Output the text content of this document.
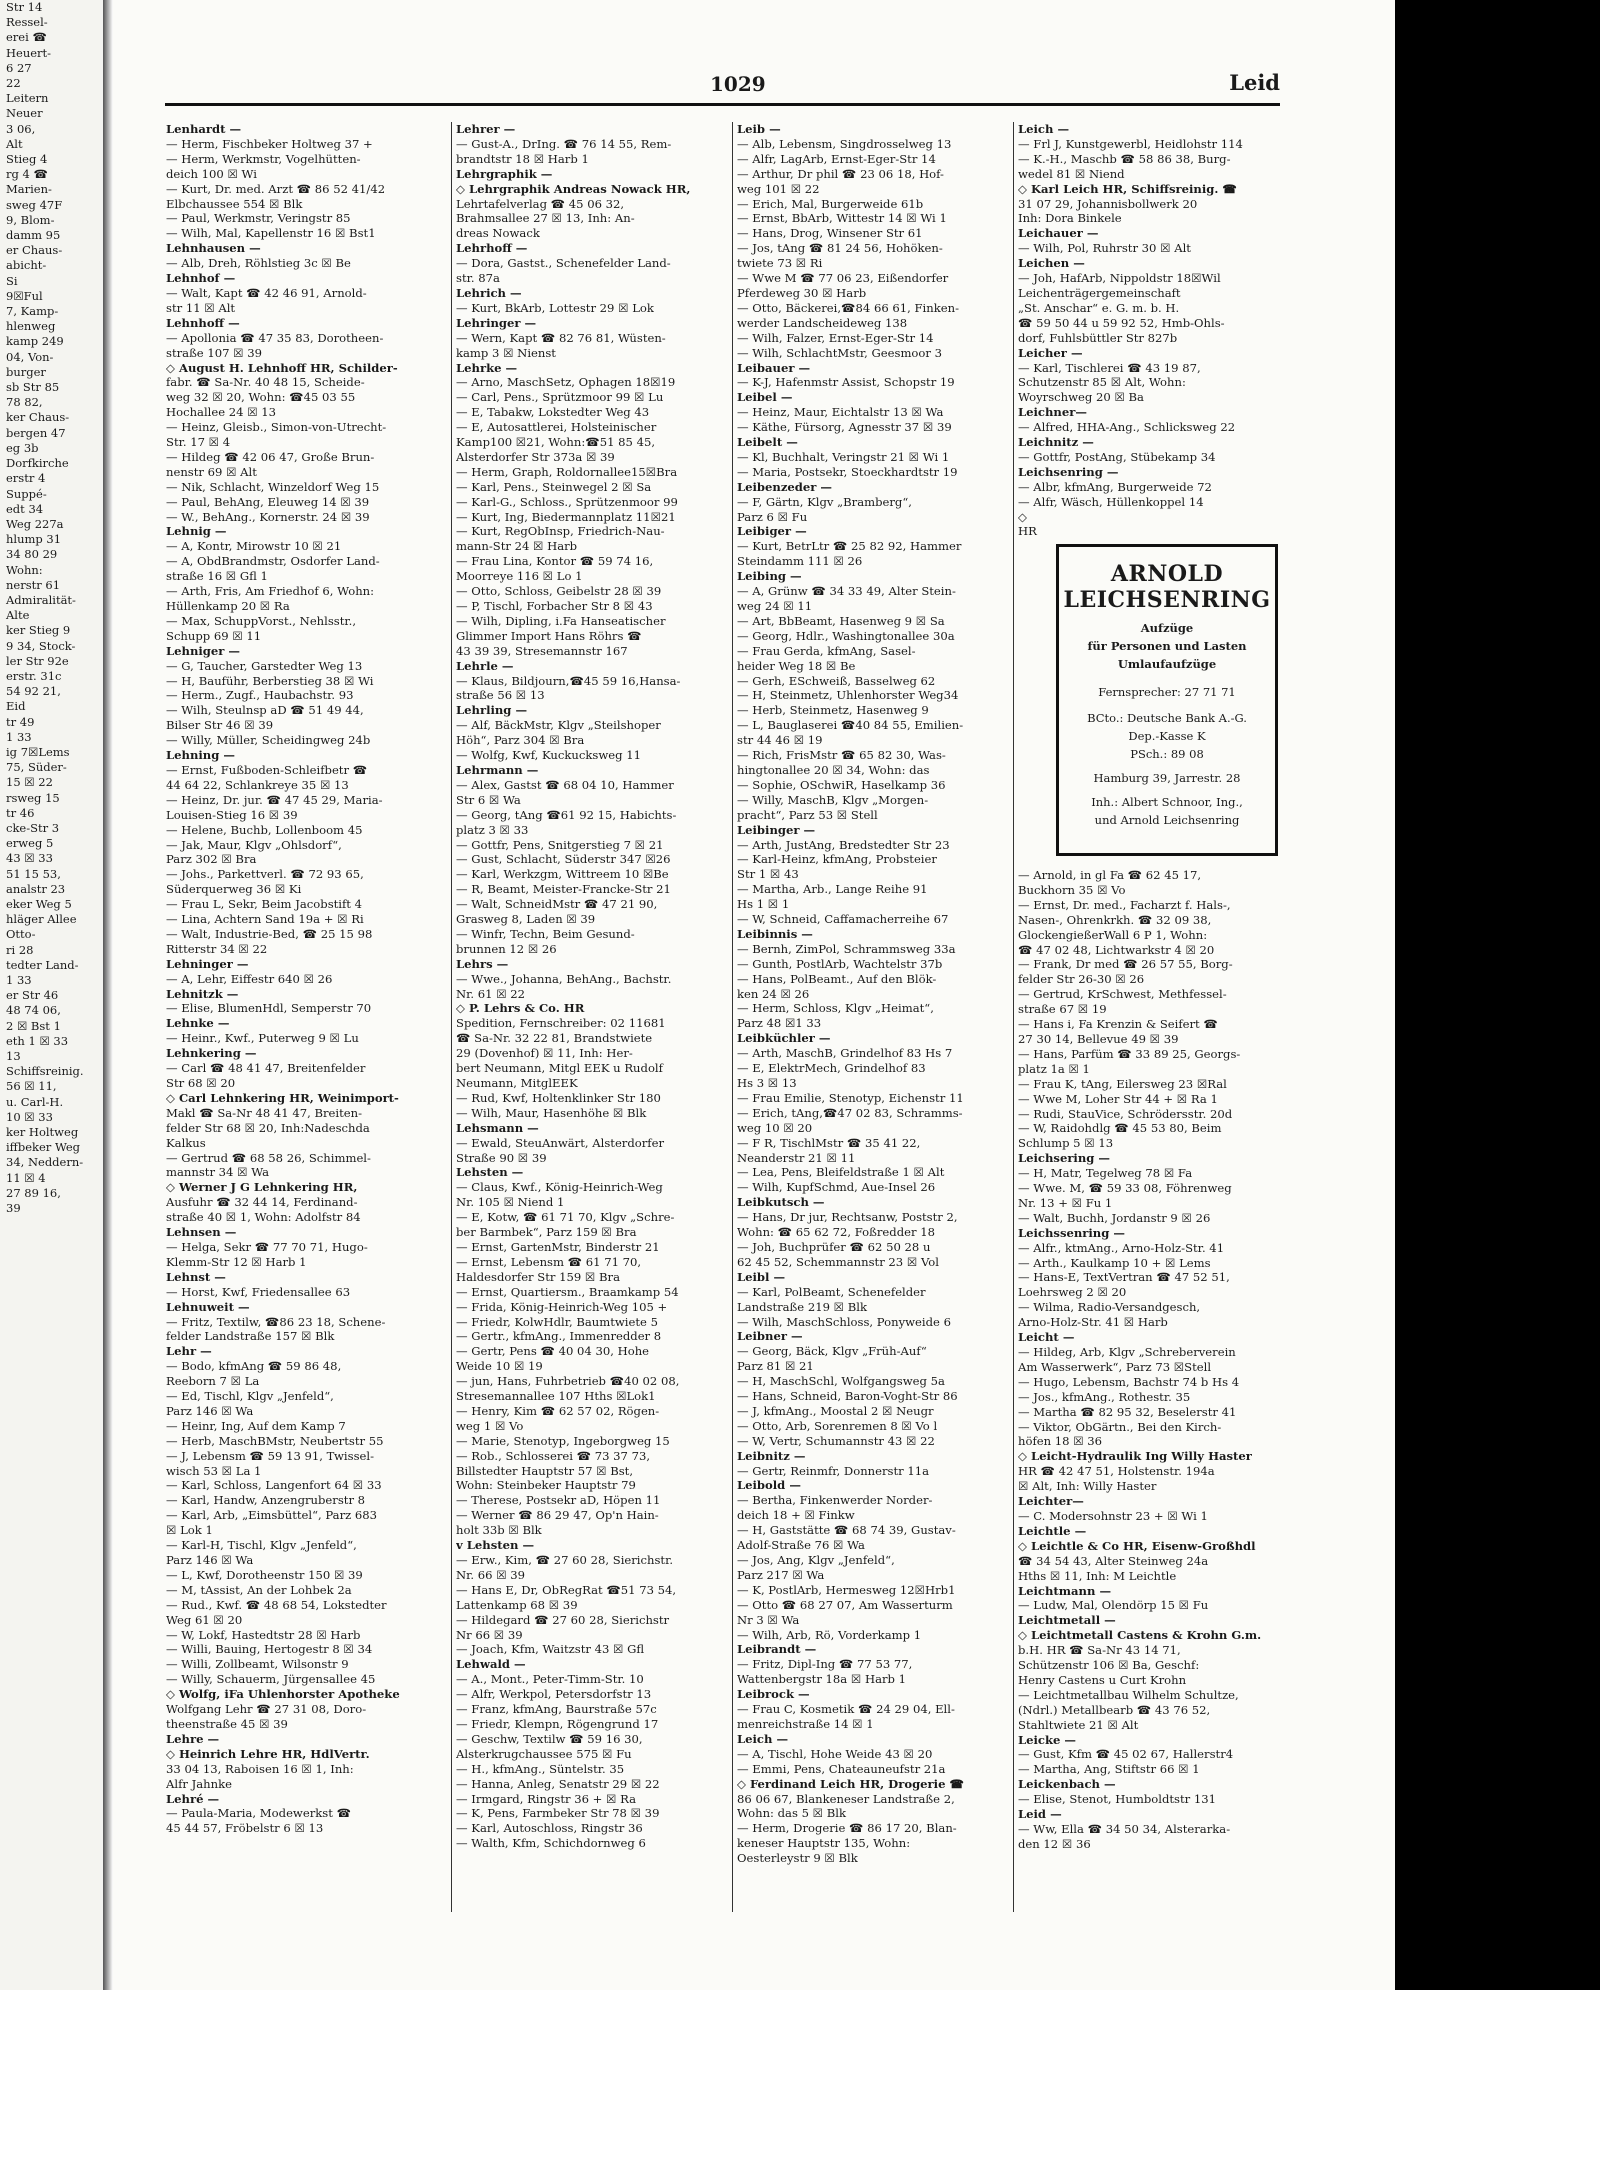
Str 14
Ressel-
erei ☎
Heuert-
6 27
22
Leitern
Neuer
3 06,
Alt
Stieg 4
rg 4 ☎
Marien-
sweg 47F
9, Blom-
damm 95
er Chaus-
abicht-
Si
9☒Ful
7, Kamp-
hlenweg
kamp 249
04, Von-
burger
sb Str 85
78 82,
ker Chaus-
bergen 47
eg 3b
Dorfkirche
erstr 4
Suppé-
edt 34
Weg 227a
hlump 31
34 80 29
Wohn:
nerstr 61
Admiralität-
Alte
ker Stieg 9
9 34, Stock-
ler Str 92e
erstr. 31c
54 92 21,
Eid
tr 49
1 33
ig 7☒Lems
75, Süder-
15 ☒ 22
rsweg 15
tr 46
cke-Str 3
erweg 5
43 ☒ 33
51 15 53,
analstr 23
eker Weg 5
hläger Allee
Otto-
ri 28
tedter Land-
1 33
er Str 46
48 74 06,
2 ☒ Bst 1
eth 1 ☒ 33
13
Schiffsreinig.
56 ☒ 11,
u. Carl-H.
10 ☒ 33
ker Holtweg
iffbeker Weg
34, Neddern-
11 ☒ 4
27 89 16,
39
1029	Leid
Lenhardt —
— Herm, Fischbeker Holtweg 37 +
— Herm, Werkmstr, Vogelhütten-
deich 100 ☒ Wi
— Kurt, Dr. med. Arzt ☎ 86 52 41/42
Elbchaussee 554 ☒ Blk
— Paul, Werkmstr, Veringstr 85
— Wilh, Mal, Kapellenstr 16 ☒ Bst1
Lehnhausen —
— Alb, Dreh, Röhlstieg 3c ☒ Be
Lehnhof —
— Walt, Kapt ☎ 42 46 91, Arnold-
str 11 ☒ Alt
Lehnhoff —
— Apollonia ☎ 47 35 83, Dorotheen-
straße 107 ☒ 39
◇ August H. Lehnhoff HR, Schilder-
fabr. ☎ Sa-Nr. 40 48 15, Scheide-
weg 32 ☒ 20, Wohn: ☎45 03 55
Hochallee 24 ☒ 13
— Heinz, Gleisb., Simon-von-Utrecht-
Str. 17 ☒ 4
— Hildeg ☎ 42 06 47, Große Brun-
nenstr 69 ☒ Alt
— Nik, Schlacht, Winzeldorf Weg 15
— Paul, BehAng, Eleuweg 14 ☒ 39
— W., BehAng., Kornerstr. 24 ☒ 39
Lehnig —
— A, Kontr, Mirowstr 10 ☒ 21
— A, ObdBrandmstr, Osdorfer Land-
straße 16 ☒ Gfl 1
— Arth, Fris, Am Friedhof 6, Wohn:
Hüllenkamp 20 ☒ Ra
— Max, SchuppVorst., Nehlsstr.,
Schupp 69 ☒ 11
Lehniger —
— G, Taucher, Garstedter Weg 13
— H, Bauführ, Berberstieg 38 ☒ Wi
— Herm., Zugf., Haubachstr. 93
— Wilh, Steulnsp aD ☎ 51 49 44,
Bilser Str 46 ☒ 39
— Willy, Müller, Scheidingweg 24b
Lehning —
— Ernst, Fußboden-Schleifbetr ☎
44 64 22, Schlankreye 35 ☒ 13
— Heinz, Dr. jur. ☎ 47 45 29, Maria-
Louisen-Stieg 16 ☒ 39
— Helene, Buchb, Lollenboom 45
— Jak, Maur, Klgv „Ohlsdorf“,
Parz 302 ☒ Bra
— Johs., Parkettverl. ☎ 72 93 65,
Süderquerweg 36 ☒ Ki
— Frau L, Sekr, Beim Jacobstift 4
— Lina, Achtern Sand 19a + ☒ Ri
— Walt, Industrie-Bed, ☎ 25 15 98
Ritterstr 34 ☒ 22
Lehninger —
— A, Lehr, Eiffestr 640 ☒ 26
Lehnitzk —
— Elise, BlumenHdl, Semperstr 70
Lehnke —
— Heinr., Kwf., Puterweg 9 ☒ Lu
Lehnkering —
— Carl ☎ 48 41 47, Breitenfelder
Str 68 ☒ 20
◇ Carl Lehnkering HR, Weinimport-
Makl ☎ Sa-Nr 48 41 47, Breiten-
felder Str 68 ☒ 20, Inh:Nadeschda
Kalkus
— Gertrud ☎ 68 58 26, Schimmel-
mannstr 34 ☒ Wa
◇ Werner J G Lehnkering HR,
Ausfuhr ☎ 32 44 14, Ferdinand-
straße 40 ☒ 1, Wohn: Adolfstr 84
Lehnsen —
— Helga, Sekr ☎ 77 70 71, Hugo-
Klemm-Str 12 ☒ Harb 1
Lehnst —
— Horst, Kwf, Friedensallee 63
Lehnuweit —
— Fritz, Textilw, ☎86 23 18, Schene-
felder Landstraße 157 ☒ Blk
Lehr —
— Bodo, kfmAng ☎ 59 86 48,
Reeborn 7 ☒ La
— Ed, Tischl, Klgv „Jenfeld“,
Parz 146 ☒ Wa
— Heinr, Ing, Auf dem Kamp 7
— Herb, MaschBMstr, Neubertstr 55
— J, Lebensm ☎ 59 13 91, Twissel-
wisch 53 ☒ La 1
— Karl, Schloss, Langenfort 64 ☒ 33
— Karl, Handw, Anzengruberstr 8
— Karl, Arb, „Eimsbüttel“, Parz 683
☒ Lok 1
— Karl-H, Tischl, Klgv „Jenfeld“,
Parz 146 ☒ Wa
— L, Kwf, Dorotheenstr 150 ☒ 39
— M, tAssist, An der Lohbek 2a
— Rud., Kwf. ☎ 48 68 54, Lokstedter
Weg 61 ☒ 20
— W, Lokf, Hastedtstr 28 ☒ Harb
— Willi, Bauing, Hertogestr 8 ☒ 34
— Willi, Zollbeamt, Wilsonstr 9
— Willy, Schauerm, Jürgensallee 45
◇ Wolfg, iFa Uhlenhorster Apotheke
Wolfgang Lehr ☎ 27 31 08, Doro-
theenstraße 45 ☒ 39
Lehre —
◇ Heinrich Lehre HR, HdlVertr.
33 04 13, Raboisen 16 ☒ 1, Inh:
Alfr Jahnke
Lehré —
— Paula-Maria, Modewerkst ☎
45 44 57, Fröbelstr 6 ☒ 13
Lehrer —
— Gust-A., DrIng. ☎ 76 14 55, Rem-
brandtstr 18 ☒ Harb 1
Lehrgraphik —
◇ Lehrgraphik Andreas Nowack HR,
Lehrtafelverlag ☎ 45 06 32,
Brahmsallee 27 ☒ 13, Inh: An-
dreas Nowack
Lehrhoff —
— Dora, Gastst., Schenefelder Land-
str. 87a
Lehrich —
— Kurt, BkArb, Lottestr 29 ☒ Lok
Lehringer —
— Wern, Kapt ☎ 82 76 81, Wüsten-
kamp 3 ☒ Nienst
Lehrke —
— Arno, MaschSetz, Ophagen 18☒19
— Carl, Pens., Sprützmoor 99 ☒ Lu
— E, Tabakw, Lokstedter Weg 43
— E, Autosattlerei, Holsteinischer
Kamp100 ☒21, Wohn:☎51 85 45,
Alsterdorfer Str 373a ☒ 39
— Herm, Graph, Roldornallee15☒Bra
— Karl, Pens., Steinwegel 2 ☒ Sa
— Karl-G., Schloss., Sprützenmoor 99
— Kurt, Ing, Biedermannplatz 11☒21
— Kurt, RegObInsp, Friedrich-Nau-
mann-Str 24 ☒ Harb
— Frau Lina, Kontor ☎ 59 74 16,
Moorreye 116 ☒ Lo 1
— Otto, Schloss, Geibelstr 28 ☒ 39
— P, Tischl, Forbacher Str 8 ☒ 43
— Wilh, Dipling, i.Fa Hanseatischer
Glimmer Import Hans Röhrs ☎
43 39 39, Stresemannstr 167
Lehrle —
— Klaus, Bildjourn,☎45 59 16,Hansa-
straße 56 ☒ 13
Lehrling —
— Alf, BäckMstr, Klgv „Steilshoper
Höh“, Parz 304 ☒ Bra
— Wolfg, Kwf, Kuckucksweg 11
Lehrmann —
— Alex, Gastst ☎ 68 04 10, Hammer
Str 6 ☒ Wa
— Georg, tAng ☎61 92 15, Habichts-
platz 3 ☒ 33
— Gottfr, Pens, Snitgerstieg 7 ☒ 21
— Gust, Schlacht, Süderstr 347 ☒26
— Karl, Werkzgm, Wittreem 10 ☒Be
— R, Beamt, Meister-Francke-Str 21
— Walt, SchneidMstr ☎ 47 21 90,
Grasweg 8, Laden ☒ 39
— Winfr, Techn, Beim Gesund-
brunnen 12 ☒ 26
Lehrs —
— Wwe., Johanna, BehAng., Bachstr.
Nr. 61 ☒ 22
◇ P. Lehrs & Co. HR
Spedition, Fernschreiber: 02 11681
☎ Sa-Nr. 32 22 81, Brandstwiete
29 (Dovenhof) ☒ 11, Inh: Her-
bert Neumann, Mitgl EEK u Rudolf
Neumann, MitglEEK
— Rud, Kwf, Holtenklinker Str 180
— Wilh, Maur, Hasenhöhe ☒ Blk
Lehsmann —
— Ewald, SteuAnwärt, Alsterdorfer
Straße 90 ☒ 39
Lehsten —
— Claus, Kwf., König-Heinrich-Weg
Nr. 105 ☒ Niend 1
— E, Kotw, ☎ 61 71 70, Klgv „Schre-
ber Barmbek“, Parz 159 ☒ Bra
— Ernst, GartenMstr, Binderstr 21
— Ernst, Lebensm ☎ 61 71 70,
Haldesdorfer Str 159 ☒ Bra
— Ernst, Quartiersm., Braamkamp 54
— Frida, König-Heinrich-Weg 105 +
— Friedr, KolwHdlr, Baumtwiete 5
— Gertr., kfmAng., Immenredder 8
— Gertr, Pens ☎ 40 04 30, Hohe
Weide 10 ☒ 19
— jun, Hans, Fuhrbetrieb ☎40 02 08,
Stresemannallee 107 Hths ☒Lok1
— Henry, Kim ☎ 62 57 02, Rögen-
weg 1 ☒ Vo
— Marie, Stenotyp, Ingeborgweg 15
— Rob., Schlosserei ☎ 73 37 73,
Billstedter Hauptstr 57 ☒ Bst,
Wohn: Steinbeker Hauptstr 79
— Therese, Postsekr aD, Höpen 11
— Werner ☎ 86 29 47, Op'n Hain-
holt 33b ☒ Blk
v Lehsten —
— Erw., Kim, ☎ 27 60 28, Sierichstr.
Nr. 66 ☒ 39
— Hans E, Dr, ObRegRat ☎51 73 54,
Lattenkamp 68 ☒ 39
— Hildegard ☎ 27 60 28, Sierichstr
Nr 66 ☒ 39
— Joach, Kfm, Waitzstr 43 ☒ Gfl
Lehwald —
— A., Mont., Peter-Timm-Str. 10
— Alfr, Werkpol, Petersdorfstr 13
— Franz, kfmAng, Baurstraße 57c
— Friedr, Klempn, Rögengrund 17
— Geschw, Textilw ☎ 59 16 30,
Alsterkrugchaussee 575 ☒ Fu
— H., kfmAng., Süntelstr. 35
— Hanna, Anleg, Senatstr 29 ☒ 22
— Irmgard, Ringstr 36 + ☒ Ra
— K, Pens, Farmbeker Str 78 ☒ 39
— Karl, Autoschloss, Ringstr 36
— Walth, Kfm, Schichdornweg 6
Leib —
— Alb, Lebensm, Singdrosselweg 13
— Alfr, LagArb, Ernst-Eger-Str 14
— Arthur, Dr phil ☎ 23 06 18, Hof-
weg 101 ☒ 22
— Erich, Mal, Burgerweide 61b
— Ernst, BbArb, Wittestr 14 ☒ Wi 1
— Hans, Drog, Winsener Str 61
— Jos, tAng ☎ 81 24 56, Hohöken-
twiete 73 ☒ Ri
— Wwe M ☎ 77 06 23, Eißendorfer
Pferdeweg 30 ☒ Harb
— Otto, Bäckerei,☎84 66 61, Finken-
werder Landscheideweg 138
— Wilh, Falzer, Ernst-Eger-Str 14
— Wilh, SchlachtMstr, Geesmoor 3
Leibauer —
— K-J, Hafenmstr Assist, Schopstr 19
Leibel —
— Heinz, Maur, Eichtalstr 13 ☒ Wa
— Käthe, Fürsorg, Agnesstr 37 ☒ 39
Leibelt —
— Kl, Buchhalt, Veringstr 21 ☒ Wi 1
— Maria, Postsekr, Stoeckhardtstr 19
Leibenzeder —
— F, Gärtn, Klgv „Bramberg“,
Parz 6 ☒ Fu
Leibiger —
— Kurt, BetrLtr ☎ 25 82 92, Hammer
Steindamm 111 ☒ 26
Leibing —
— A, Grünw ☎ 34 33 49, Alter Stein-
weg 24 ☒ 11
— Art, BbBeamt, Hasenweg 9 ☒ Sa
— Georg, Hdlr., Washingtonallee 30a
— Frau Gerda, kfmAng, Sasel-
heider Weg 18 ☒ Be
— Gerh, ESchweiß, Basselweg 62
— H, Steinmetz, Uhlenhorster Weg34
— Herb, Steinmetz, Hasenweg 9
— L, Bauglaserei ☎40 84 55, Emilien-
str 44 46 ☒ 19
— Rich, FrisMstr ☎ 65 82 30, Was-
hingtonallee 20 ☒ 34, Wohn: das
— Sophie, OSchwiR, Haselkamp 36
— Willy, MaschB, Klgv „Morgen-
pracht“, Parz 53 ☒ Stell
Leibinger —
— Arth, JustAng, Bredstedter Str 23
— Karl-Heinz, kfmAng, Probsteier
Str 1 ☒ 43
— Martha, Arb., Lange Reihe 91
Hs 1 ☒ 1
— W, Schneid, Caffamacherreihe 67
Leibinnis —
— Bernh, ZimPol, Schrammsweg 33a
— Gunth, PostlArb, Wachtelstr 37b
— Hans, PolBeamt., Auf den Blök-
ken 24 ☒ 26
— Herm, Schloss, Klgv „Heimat“,
Parz 48 ☒1 33
Leibküchler —
— Arth, MaschB, Grindelhof 83 Hs 7
— E, ElektrMech, Grindelhof 83
Hs 3 ☒ 13
— Frau Emilie, Stenotyp, Eichenstr 11
— Erich, tAng,☎47 02 83, Schramms-
weg 10 ☒ 20
— F R, TischlMstr ☎ 35 41 22,
Neanderstr 21 ☒ 11
— Lea, Pens, Bleifeldstraße 1 ☒ Alt
— Wilh, KupfSchmd, Aue-Insel 26
Leibkutsch —
— Hans, Dr jur, Rechtsanw, Poststr 2,
Wohn: ☎ 65 62 72, Foßredder 18
— Joh, Buchprüfer ☎ 62 50 28 u
62 45 52, Schemmannstr 23 ☒ Vol
Leibl —
— Karl, PolBeamt, Schenefelder
Landstraße 219 ☒ Blk
— Wilh, MaschSchloss, Ponyweide 6
Leibner —
— Georg, Bäck, Klgv „Früh-Auf“
Parz 81 ☒ 21
— H, MaschSchl, Wolfgangsweg 5a
— Hans, Schneid, Baron-Voght-Str 86
— J, kfmAng., Moostal 2 ☒ Neugr
— Otto, Arb, Sorenremen 8 ☒ Vo l
— W, Vertr, Schumannstr 43 ☒ 22
Leibnitz —
— Gertr, Reinmfr, Donnerstr 11a
Leibold —
— Bertha, Finkenwerder Norder-
deich 18 + ☒ Finkw
— H, Gaststätte ☎ 68 74 39, Gustav-
Adolf-Straße 76 ☒ Wa
— Jos, Ang, Klgv „Jenfeld“,
Parz 217 ☒ Wa
— K, PostlArb, Hermesweg 12☒Hrb1
— Otto ☎ 68 27 07, Am Wasserturm
Nr 3 ☒ Wa
— Wilh, Arb, Rö, Vorderkamp 1
Leibrandt —
— Fritz, Dipl-Ing ☎ 77 53 77,
Wattenbergstr 18a ☒ Harb 1
Leibrock —
— Frau C, Kosmetik ☎ 24 29 04, Ell-
menreichstraße 14 ☒ 1
Leich —
— A, Tischl, Hohe Weide 43 ☒ 20
— Emmi, Pens, Chateauneufstr 21a
◇ Ferdinand Leich HR, Drogerie ☎
86 06 67, Blankeneser Landstraße 2,
Wohn: das 5 ☒ Blk
— Herm, Drogerie ☎ 86 17 20, Blan-
keneser Hauptstr 135, Wohn:
Oesterleystr 9 ☒ Blk
Leich —
— Frl J, Kunstgewerbl, Heidlohstr 114
— K.-H., Maschb ☎ 58 86 38, Burg-
wedel 81 ☒ Niend
◇ Karl Leich HR, Schiffsreinig. ☎
31 07 29, Johannisbollwerk 20
Inh: Dora Binkele
Leichauer —
— Wilh, Pol, Ruhrstr 30 ☒ Alt
Leichen —
— Joh, HafArb, Nippoldstr 18☒Wil
Leichenträgergemeinschaft
„St. Anschar“ e. G. m. b. H.
☎ 59 50 44 u 59 92 52, Hmb-Ohls-
dorf, Fuhlsbüttler Str 827b
Leicher —
— Karl, Tischlerei ☎ 43 19 87,
Schutzenstr 85 ☒ Alt, Wohn:
Woyrschweg 20 ☒ Ba
Leichner—
— Alfred, HHA-Ang., Schlicksweg 22
Leichnitz —
— Gottfr, PostAng, Stübekamp 34
Leichsenring —
— Albr, kfmAng, Burgerweide 72
— Alfr, Wäsch, Hüllenkoppel 14
◇
HR
ARNOLD
LEICHSENRING
Aufzüge
für Personen und Lasten
Umlaufaufzüge
Fernsprecher: 27 71 71
BCto.: Deutsche Bank A.-G.
Dep.-Kasse K
PSch.: 89 08
Hamburg 39, Jarrestr. 28
Inh.: Albert Schnoor, Ing.,
und Arnold Leichsenring
— Arnold, in gl Fa ☎ 62 45 17,
Buckhorn 35 ☒ Vo
— Ernst, Dr. med., Facharzt f. Hals-,
Nasen-, Ohrenkrkh. ☎ 32 09 38,
GlockengießerWall 6 P 1, Wohn:
☎ 47 02 48, Lichtwarkstr 4 ☒ 20
— Frank, Dr med ☎ 26 57 55, Borg-
felder Str 26-30 ☒ 26
— Gertrud, KrSchwest, Methfessel-
straße 67 ☒ 19
— Hans i, Fa Krenzin & Seifert ☎
27 30 14, Bellevue 49 ☒ 39
— Hans, Parfüm ☎ 33 89 25, Georgs-
platz 1a ☒ 1
— Frau K, tAng, Eilersweg 23 ☒Ral
— Wwe M, Loher Str 44 + ☒ Ra 1
— Rudi, StauVice, Schrödersstr. 20d
— W, Raidohdlg ☎ 45 53 80, Beim
Schlump 5 ☒ 13
Leichsering —
— H, Matr, Tegelweg 78 ☒ Fa
— Wwe. M, ☎ 59 33 08, Föhrenweg
Nr. 13 + ☒ Fu 1
— Walt, Buchh, Jordanstr 9 ☒ 26
Leichssenring —
— Alfr., ktmAng., Arno-Holz-Str. 41
— Arth., Kaulkamp 10 + ☒ Lems
— Hans-E, TextVertran ☎ 47 52 51,
Loehrsweg 2 ☒ 20
— Wilma, Radio-Versandgesch,
Arno-Holz-Str. 41 ☒ Harb
Leicht —
— Hildeg, Arb, Klgv „Schreberverein
Am Wasserwerk“, Parz 73 ☒Stell
— Hugo, Lebensm, Bachstr 74 b Hs 4
— Jos., kfmAng., Rothestr. 35
— Martha ☎ 82 95 32, Beselerstr 41
— Viktor, ObGärtn., Bei den Kirch-
höfen 18 ☒ 36
◇ Leicht-Hydraulik Ing Willy Haster
HR ☎ 42 47 51, Holstenstr. 194a
☒ Alt, Inh: Willy Haster
Leichter—
— C. Modersohnstr 23 + ☒ Wi 1
Leichtle —
◇ Leichtle & Co HR, Eisenw-Großhdl
☎ 34 54 43, Alter Steinweg 24a
Hths ☒ 11, Inh: M Leichtle
Leichtmann —
— Ludw, Mal, Olendörp 15 ☒ Fu
Leichtmetall —
◇ Leichtmetall Castens & Krohn G.m.
b.H. HR ☎ Sa-Nr 43 14 71,
Schützenstr 106 ☒ Ba, Geschf:
Henry Castens u Curt Krohn
— Leichtmetallbau Wilhelm Schultze,
(Ndrl.) Metallbearb ☎ 43 76 52,
Stahltwiete 21 ☒ Alt
Leicke —
— Gust, Kfm ☎ 45 02 67, Hallerstr4
— Martha, Ang, Stiftstr 66 ☒ 1
Leickenbach —
— Elise, Stenot, Humboldtstr 131
Leid —
— Ww, Ella ☎ 34 50 34, Alsterarka-
den 12 ☒ 36
